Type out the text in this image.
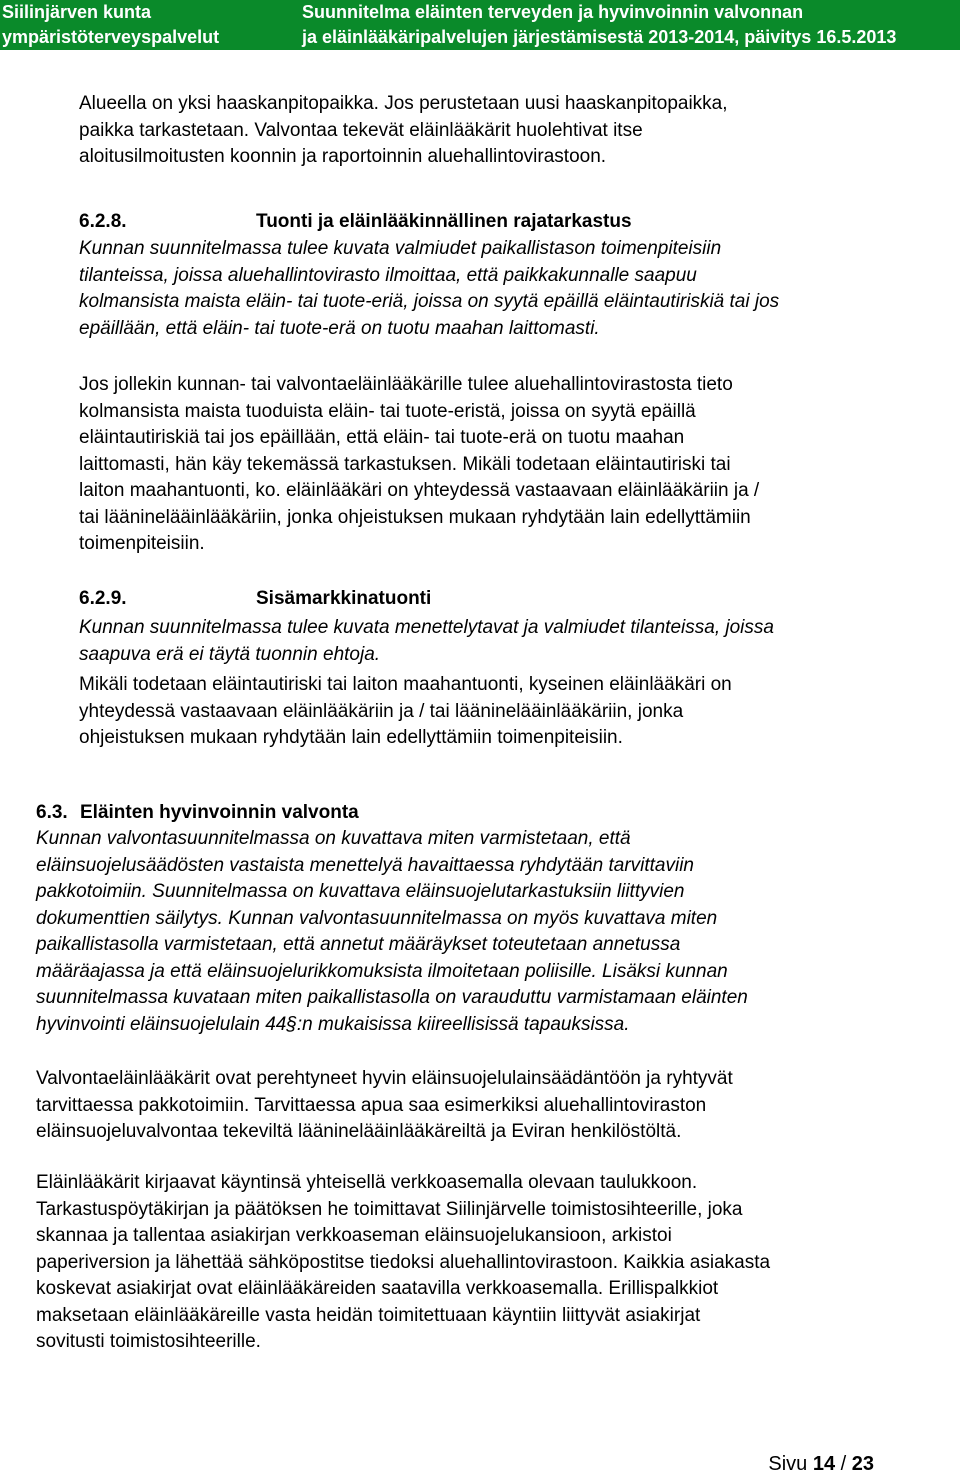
Siilinjärven kunta
ympäristöterveyspalvelut
Suunnitelma eläinten terveyden ja hyvinvoinnin valvonnan
ja eläinlääkäripalvelujen järjestämisestä 2013-2014, päivitys 16.5.2013
Alueella on yksi haaskanpitopaikka. Jos perustetaan uusi haaskanpitopaikka,
paikka tarkastetaan. Valvontaa tekevät eläinlääkärit huolehtivat itse
aloitusilmoitusten koonnin ja raportoinnin aluehallintovirastoon.
6.2.8.	Tuonti ja eläinlääkinnällinen rajatarkastus
Kunnan suunnitelmassa tulee kuvata valmiudet paikallistason toimenpiteisiin
tilanteissa, joissa aluehallintovirasto ilmoittaa, että paikkakunnalle saapuu
kolmansista maista eläin- tai tuote-eriä, joissa on syytä epäillä eläintautiriskiä tai jos
epäillään, että eläin- tai tuote-erä on tuotu maahan laittomasti.
Jos jollekin kunnan- tai valvontaeläinlääkärille tulee aluehallintovirastosta tieto
kolmansista maista tuoduista eläin- tai tuote-eristä, joissa on syytä epäillä
eläintautiriskiä tai jos epäillään, että eläin- tai tuote-erä on tuotu maahan
laittomasti, hän käy tekemässä tarkastuksen. Mikäli todetaan eläintautiriski tai
laiton maahantuonti, ko. eläinlääkäri on yhteydessä vastaavaan eläinlääkäriin ja /
tai lääninelääinlääkäriin, jonka ohjeistuksen mukaan ryhdytään lain edellyttämiin
toimenpiteisiin.
6.2.9.	Sisämarkkinatuonti
Kunnan suunnitelmassa tulee kuvata menettelytavat ja valmiudet tilanteissa, joissa
saapuva erä ei täytä tuonnin ehtoja.
Mikäli todetaan eläintautiriski tai laiton maahantuonti, kyseinen eläinlääkäri on
yhteydessä vastaavaan eläinlääkäriin ja / tai lääninelääinlääkäriin, jonka
ohjeistuksen mukaan ryhdytään lain edellyttämiin toimenpiteisiin.
6.3. Eläinten hyvinvoinnin valvonta
Kunnan valvontasuunnitelmassa on kuvattava miten varmistetaan, että
eläinsuojelusäädösten vastaista menettelyä havaittaessa ryhdytään tarvittaviin
pakkotoimiin. Suunnitelmassa on kuvattava eläinsuojelutarkastuksiin liittyvien
dokumenttien säilytys. Kunnan valvontasuunnitelmassa on myös kuvattava miten
paikallistasolla varmistetaan, että annetut määräykset toteutetaan annetussa
määräajassa ja että eläinsuojelurikkomuksista ilmoitetaan poliisille. Lisäksi kunnan
suunnitelmassa kuvataan miten paikallistasolla on varauduttu varmistamaan eläinten
hyvinvointi eläinsuojelulain 44§:n mukaisissa kiireellisissä tapauksissa.
Valvontaeläinlääkärit ovat perehtyneet hyvin eläinsuojelulainsäädäntöön ja ryhtyvät
tarvittaessa pakkotoimiin. Tarvittaessa apua saa esimerkiksi aluehallintoviraston
eläinsuojeluvalvontaa tekeviltä lääninelääinlääkäreiltä ja Eviran henkilöstöltä.
Eläinlääkärit kirjaavat käyntinsä yhteisellä verkkoasemalla olevaan taulukkoon.
Tarkastuspöytäkirjan ja päätöksen he toimittavat Siilinjärvelle toimistosihteerille, joka
skannaa ja tallentaa asiakirjan verkkoaseman eläinsuojelukansioon, arkistoi
paperiversion ja lähettää sähköpostitse tiedoksi aluehallintovirastoon. Kaikkia asiakasta
koskevat asiakirjat ovat eläinlääkäreiden saatavilla verkkoasemalla. Erillispalkkiot
maksetaan eläinlääkäreille vasta heidän toimitettuaan käyntiin liittyvät asiakirjat
sovitusti toimistosihteerille.
Sivu 14 / 23
